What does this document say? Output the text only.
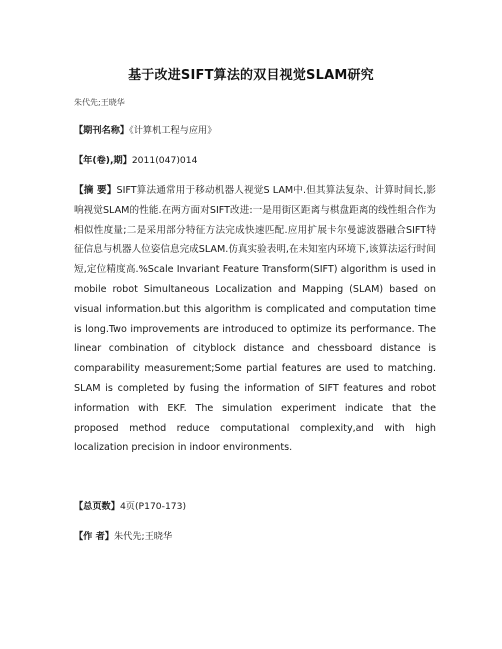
基于改进SIFT算法的双目视觉SLAM研究
朱代先;王晓华
【期刊名称】《计算机工程与应用》
【年(卷),期】2011(047)014
【摘 要】SIFT算法通常用于移动机器人视觉S LAM中.但其算法复杂、计算时间长,影响视觉SLAM的性能.在两方面对SIFT改进:一是用街区距离与棋盘距离的线性组合作为相似性度量;二是采用部分特征方法完成快速匹配.应用扩展卡尔曼滤波器融合SIFT特征信息与机器人位姿信息完成SLAM.仿真实验表明,在未知室内环境下,该算法运行时间短,定位精度高.%Scale Invariant Feature Transform(SIFT) algorithm is used in mobile robot Simultaneous Localization and Mapping (SLAM) based on visual information.but this algorithm is complicated and computation time is long.Two improvements are introduced to optimize its performance. The linear combination of cityblock distance and chessboard distance is comparability measurement;Some partial features are used to matching. SLAM is completed by fusing the information of SIFT features and robot information with EKF. The simulation experiment indicate that the proposed method reduce computational complexity,and with high localization precision in indoor environments.
【总页数】4页(P170-173)
【作 者】朱代先;王晓华
